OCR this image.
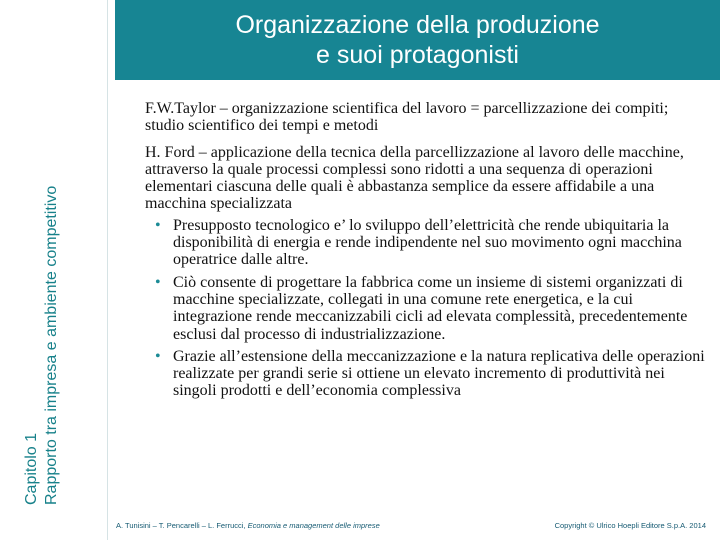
Capitolo 1 Rapporto tra impresa e ambiente competitivo
Organizzazione della produzione
e suoi protagonisti

F.W.Taylor – organizzazione scientifica del lavoro = parcellizzazione dei compiti; studio scientifico dei tempi e metodi

H. Ford – applicazione della tecnica della parcellizzazione al lavoro delle macchine, attraverso la quale processi complessi sono ridotti a una sequenza di operazioni elementari ciascuna delle quali è abbastanza semplice da essere affidabile a una macchina specializzata

• Presupposto tecnologico e’ lo sviluppo dell’elettricità che rende ubiquitaria la disponibilità di energia e rende indipendente nel suo movimento ogni macchina operatrice dalle altre.
• Ciò consente di progettare la fabbrica come un insieme di sistemi organizzati di macchine specializzate, collegati in una comune rete energetica, e la cui integrazione rende meccanizzabili cicli ad elevata complessità, precedentemente esclusi dal processo di industrializzazione.
• Grazie all’estensione della meccanizzazione e la natura replicativa delle operazioni realizzate per grandi serie si ottiene un elevato incremento di produttività nei singoli prodotti e dell’economia complessiva
A. Tunisini – T. Pencarelli – L. Ferrucci, Economia e management delle imprese	Copyright © Ulrico Hoepli Editore S.p.A. 2014
